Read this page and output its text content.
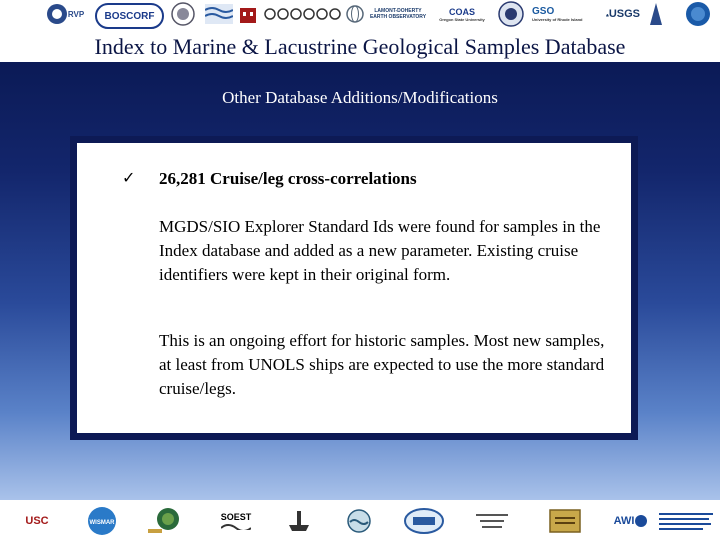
RVP BOSCORF	LAMONT-DOHERTY EARTH OBSERVATORY
COAS
Oregon State University
GSO
University of Rhode Island USGS
Index to Marine & Lacustrine Geological Samples Database
Other Database Additions/Modifications
✓ 26,281 Cruise/leg cross-correlations
MGDS/SIO Explorer Standard Ids were found for samples in the Index database and added as a new parameter. Existing cruise identifiers were kept in their original form.
This is an ongoing effort for historic samples. Most new samples, at least from UNOLS ships are expected to use the more standard cruise/legs.
USC	WISMAR
SOEST	AWI
